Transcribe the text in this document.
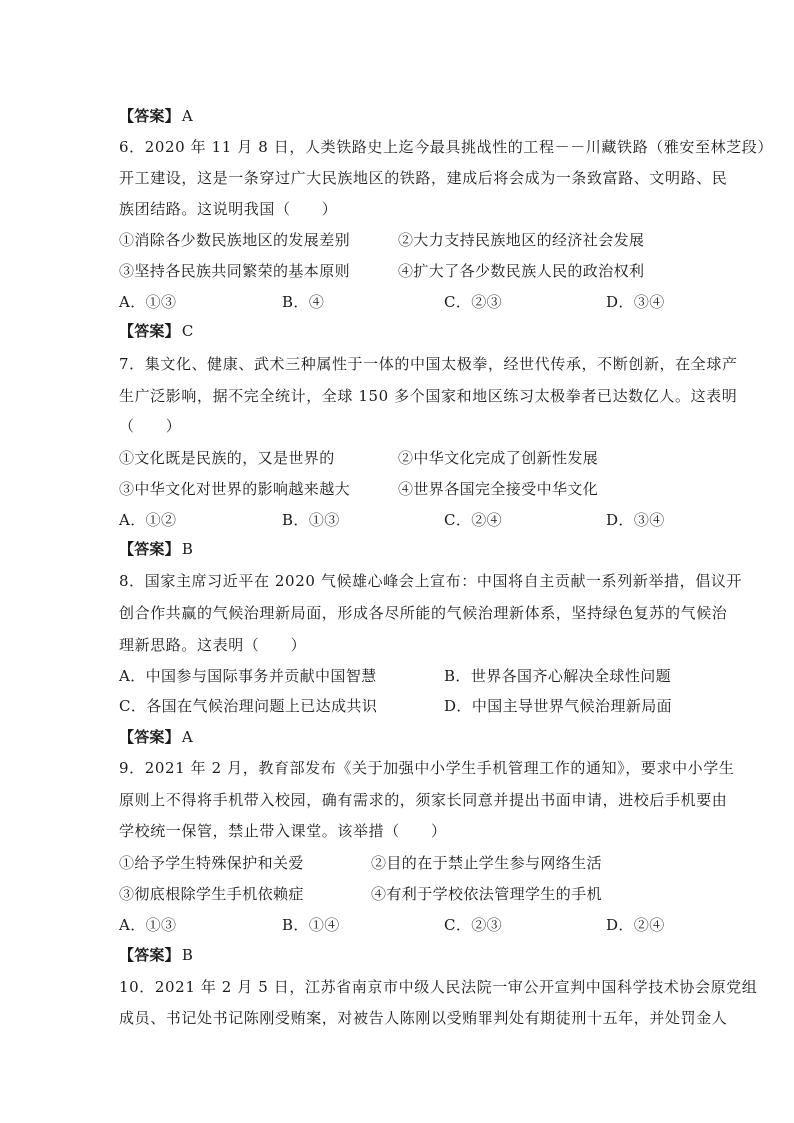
【答案】 A
6．2020 年 11 月 8 日，人类铁路史上迄今最具挑战性的工程－－川藏铁路（雅安至林芝段）
开工建设，这是一条穿过广大民族地区的铁路，建成后将会成为一条致富路、文明路、民
族团结路。这说明我国（　　）
①消除各少数民族地区的发展差别	②大力支持民族地区的经济社会发展
③坚持各民族共同繁荣的基本原则	④扩大了各少数民族人民的政治权利
A．①③	B．④	C．②③	D．③④
【答案】 C
7．集文化、健康、武术三种属性于一体的中国太极拳，经世代传承，不断创新，在全球产
生广泛影响，据不完全统计，全球 150 多个国家和地区练习太极拳者已达数亿人。这表明
（　　）
①文化既是民族的，又是世界的	②中华文化完成了创新性发展
③中华文化对世界的影响越来越大	④世界各国完全接受中华文化
A．①②	B．①③	C．②④	D．③④
【答案】 B
8．国家主席习近平在 2020 气候雄心峰会上宣布：中国将自主贡献一系列新举措，倡议开
创合作共赢的气候治理新局面，形成各尽所能的气候治理新体系，坚持绿色复苏的气候治
理新思路。这表明（　　）
A．中国参与国际事务并贡献中国智慧	B．世界各国齐心解决全球性问题
C．各国在气候治理问题上已达成共识	D．中国主导世界气候治理新局面
【答案】 A
9．2021 年 2 月，教育部发布《关于加强中小学生手机管理工作的通知》，要求中小学生
原则上不得将手机带入校园，确有需求的，须家长同意并提出书面申请，进校后手机要由
学校统一保管，禁止带入课堂。该举措（　　）
①给予学生特殊保护和关爱	②目的在于禁止学生参与网络生活
③彻底根除学生手机依赖症	④有利于学校依法管理学生的手机
A．①③	B．①④	C．②③	D．②④
【答案】 B
10．2021 年 2 月 5 日，江苏省南京市中级人民法院一审公开宣判中国科学技术协会原党组
成员、书记处书记陈刚受贿案，对被告人陈刚以受贿罪判处有期徒刑十五年，并处罚金人
